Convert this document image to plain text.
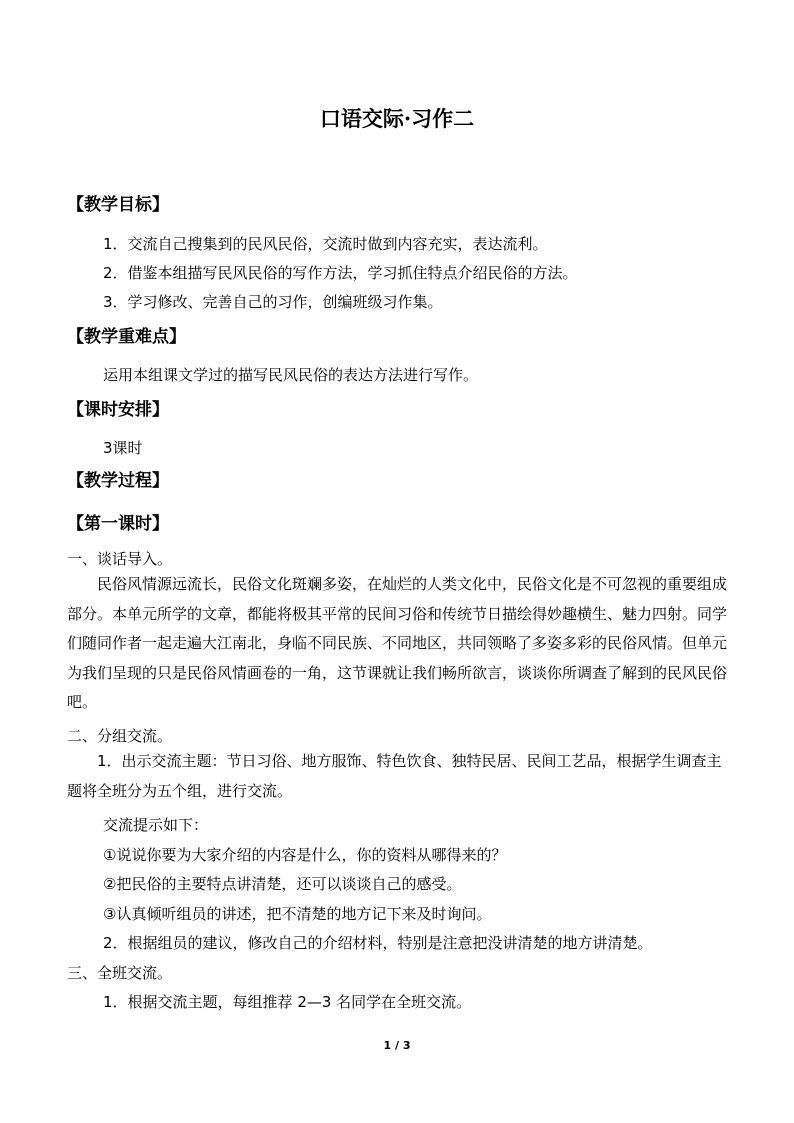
口语交际·习作二
【教学目标】
1．交流自己搜集到的民风民俗，交流时做到内容充实，表达流利。
2．借鉴本组描写民风民俗的写作方法，学习抓住特点介绍民俗的方法。
3．学习修改、完善自己的习作，创编班级习作集。
【教学重难点】
运用本组课文学过的描写民风民俗的表达方法进行写作。
【课时安排】
3课时
【教学过程】
【第一课时】
一、谈话导入。

民俗风情源远流长，民俗文化斑斓多姿，在灿烂的人类文化中，民俗文化是不可忽视的重要组成部分。本单元所学的文章，都能将极其平常的民间习俗和传统节日描绘得妙趣横生、魅力四射。同学们随同作者一起走遍大江南北，身临不同民族、不同地区，共同领略了多姿多彩的民俗风情。但单元为我们呈现的只是民俗风情画卷的一角，这节课就让我们畅所欲言，谈谈你所调查了解到的民风民俗吧。

二、分组交流。

1．出示交流主题：节日习俗、地方服饰、特色饮食、独特民居、民间工艺品，根据学生调查主题将全班分为五个组，进行交流。

交流提示如下：
①说说你要为大家介绍的内容是什么，你的资料从哪得来的？
②把民俗的主要特点讲清楚，还可以谈谈自己的感受。
③认真倾听组员的讲述，把不清楚的地方记下来及时询问。
2．根据组员的建议，修改自己的介绍材料，特别是注意把没讲清楚的地方讲清楚。
三、全班交流。
1．根据交流主题，每组推荐 2—3 名同学在全班交流。
1 / 3
